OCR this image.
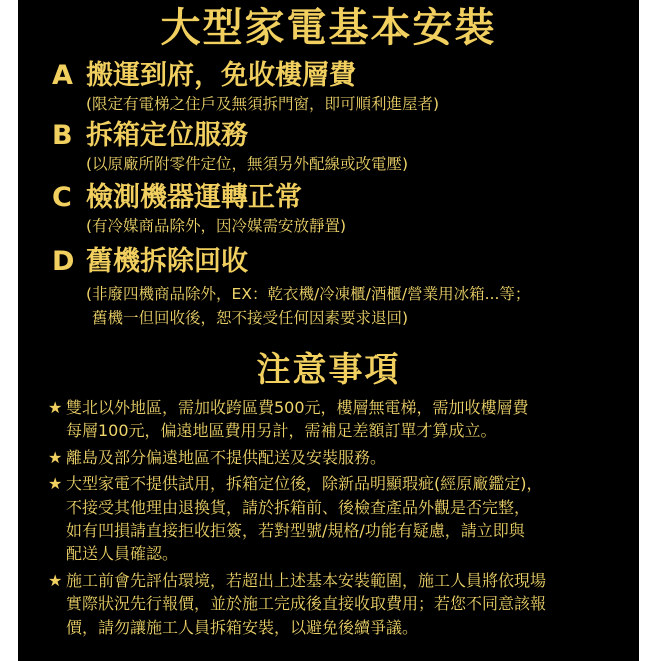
大型家電基本安裝
A 搬運到府，免收樓層費
(限定有電梯之住戶及無須拆門窗，即可順利進屋者)
B 拆箱定位服務
(以原廠所附零件定位，無須另外配線或改電壓)
C 檢測機器運轉正常
(有冷媒商品除外，因冷媒需安放靜置)
D 舊機拆除回收
(非廢四機商品除外，EX：乾衣機/冷凍櫃/酒櫃/營業用冰箱...等；
舊機一但回收後，恕不接受任何因素要求退回)
注意事項
★ 雙北以外地區，需加收跨區費500元，樓層無電梯，需加收樓層費
每層100元，偏遠地區費用另計，需補足差額訂單才算成立。
★ 離島及部分偏遠地區不提供配送及安裝服務。
★ 大型家電不提供試用，拆箱定位後，除新品明顯瑕疵(經原廠鑑定)，
不接受其他理由退換貨，請於拆箱前、後檢查產品外觀是否完整，
如有凹損請直接拒收拒簽，若對型號/規格/功能有疑慮，請立即與
配送人員確認。
★ 施工前會先評估環境，若超出上述基本安裝範圍，施工人員將依現場
實際狀況先行報價，並於施工完成後直接收取費用；若您不同意該報
價，請勿讓施工人員拆箱安裝，以避免後續爭議。
